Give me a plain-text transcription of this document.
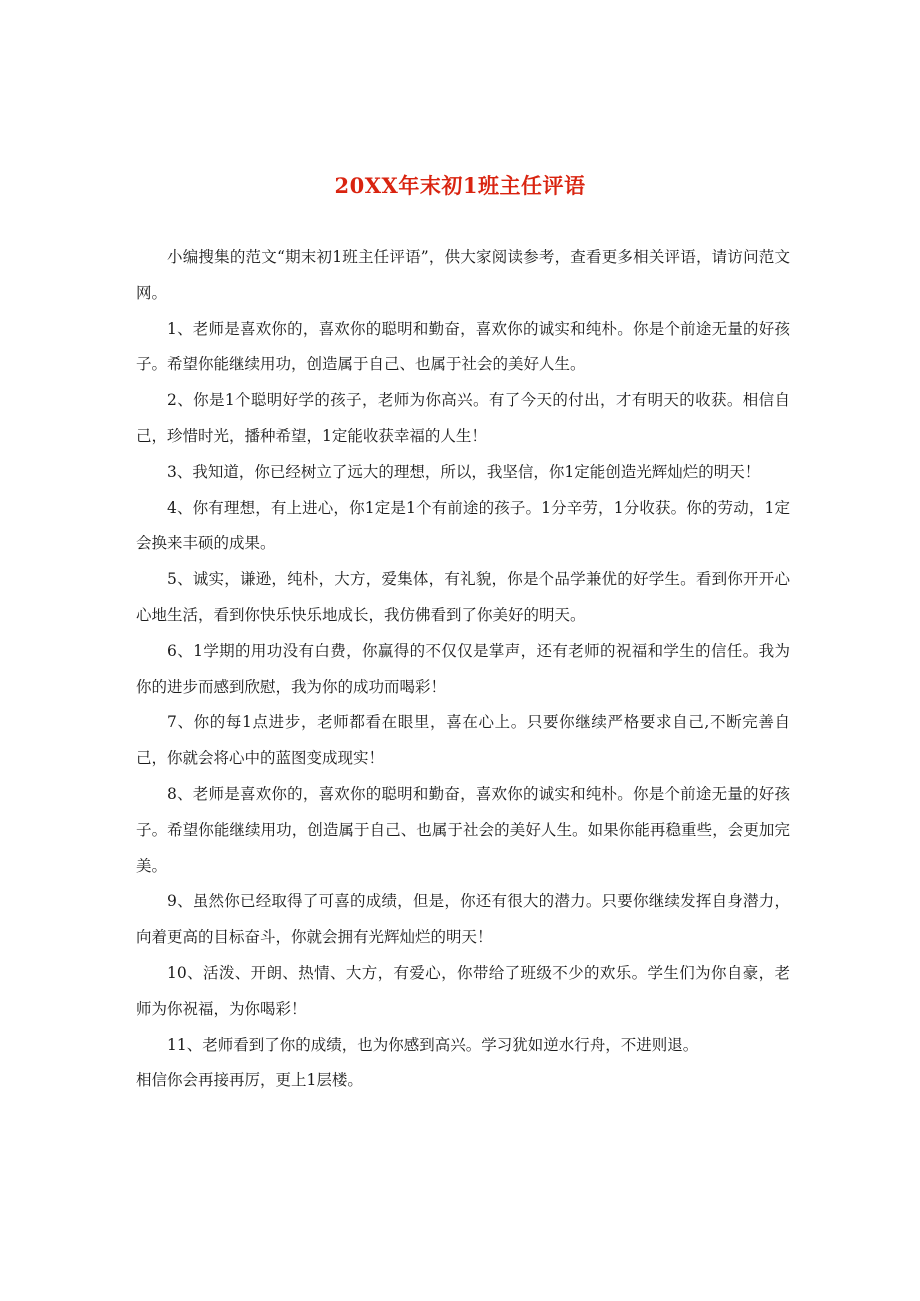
20XX年末初1班主任评语

小编搜集的范文“期末初1班主任评语”，供大家阅读参考，查看更多相关评语，请访问范文网。

1、老师是喜欢你的，喜欢你的聪明和勤奋，喜欢你的诚实和纯朴。你是个前途无量的好孩子。希望你能继续用功，创造属于自己、也属于社会的美好人生。

2、你是1个聪明好学的孩子，老师为你高兴。有了今天的付出，才有明天的收获。相信自己，珍惜时光，播种希望，1定能收获幸福的人生！

3、我知道，你已经树立了远大的理想，所以，我坚信，你1定能创造光辉灿烂的明天！

4、你有理想，有上进心，你1定是1个有前途的孩子。1分辛劳，1分收获。你的劳动，1定会换来丰硕的成果。

5、诚实，谦逊，纯朴，大方，爱集体，有礼貌，你是个品学兼优的好学生。看到你开开心心地生活，看到你快乐快乐地成长，我仿佛看到了你美好的明天。

6、1学期的用功没有白费，你赢得的不仅仅是掌声，还有老师的祝福和学生的信任。我为你的进步而感到欣慰，我为你的成功而喝彩！

7、你的每1点进步，老师都看在眼里，喜在心上。只要你继续严格要求自己,不断完善自己，你就会将心中的蓝图变成现实！

8、老师是喜欢你的，喜欢你的聪明和勤奋，喜欢你的诚实和纯朴。你是个前途无量的好孩子。希望你能继续用功，创造属于自己、也属于社会的美好人生。如果你能再稳重些，会更加完美。

9、虽然你已经取得了可喜的成绩，但是，你还有很大的潜力。只要你继续发挥自身潜力，向着更高的目标奋斗，你就会拥有光辉灿烂的明天！

10、活泼、开朗、热情、大方，有爱心，你带给了班级不少的欢乐。学生们为你自豪，老师为你祝福，为你喝彩！

11、老师看到了你的成绩，也为你感到高兴。学习犹如逆水行舟，不进则退。

相信你会再接再厉，更上1层楼。
